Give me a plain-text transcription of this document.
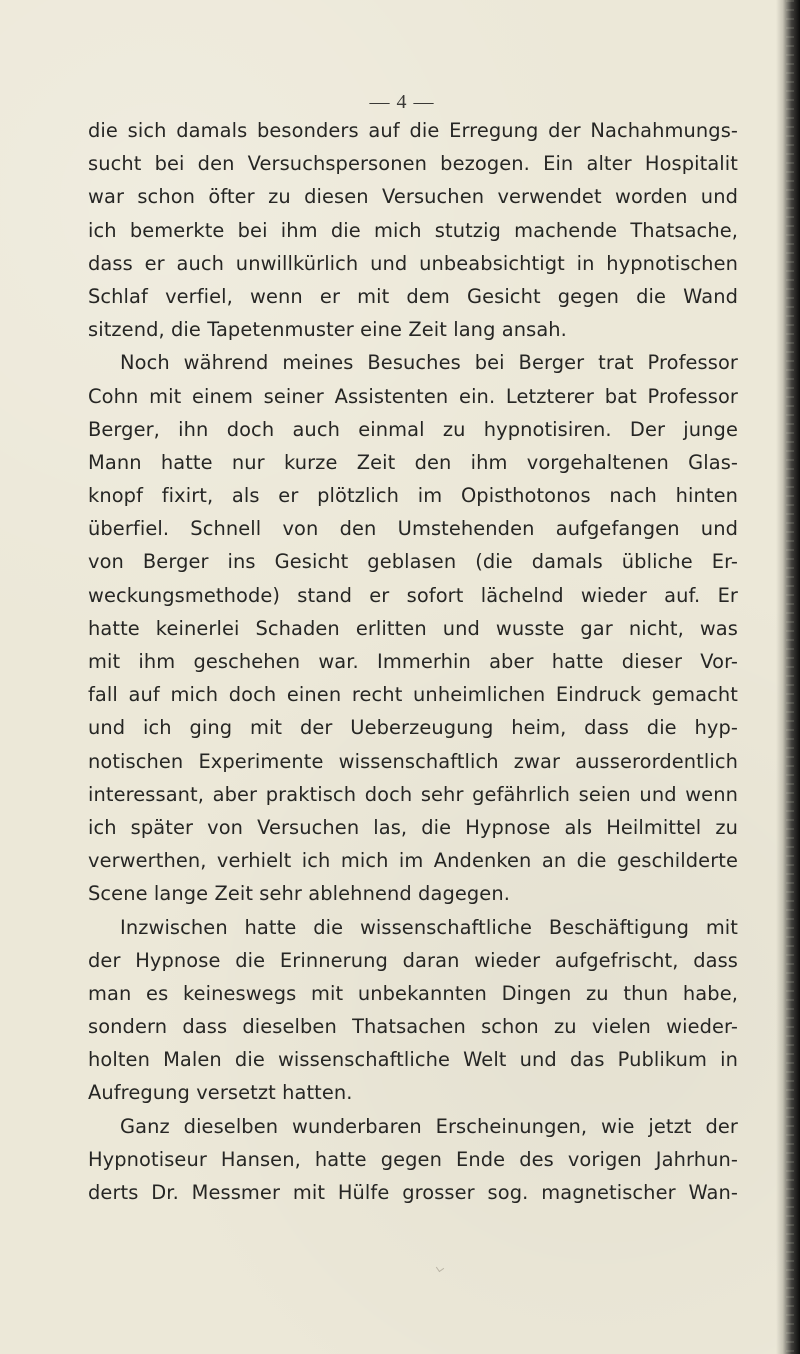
— 4 —
die sich damals besonders auf die Erregung der Nachahmungs-
sucht bei den Versuchspersonen bezogen. Ein alter Hospitalit
war schon öfter zu diesen Versuchen verwendet worden und
ich bemerkte bei ihm die mich stutzig machende Thatsache,
dass er auch unwillkürlich und unbeabsichtigt in hypnotischen
Schlaf verfiel, wenn er mit dem Gesicht gegen die Wand
sitzend, die Tapetenmuster eine Zeit lang ansah.
Noch während meines Besuches bei Berger trat Professor
Cohn mit einem seiner Assistenten ein. Letzterer bat Professor
Berger, ihn doch auch einmal zu hypnotisiren. Der junge
Mann hatte nur kurze Zeit den ihm vorgehaltenen Glas-
knopf fixirt, als er plötzlich im Opisthotonos nach hinten
überfiel. Schnell von den Umstehenden aufgefangen und
von Berger ins Gesicht geblasen (die damals übliche Er-
weckungsmethode) stand er sofort lächelnd wieder auf. Er
hatte keinerlei Schaden erlitten und wusste gar nicht, was
mit ihm geschehen war. Immerhin aber hatte dieser Vor-
fall auf mich doch einen recht unheimlichen Eindruck gemacht
und ich ging mit der Ueberzeugung heim, dass die hyp-
notischen Experimente wissenschaftlich zwar ausserordentlich
interessant, aber praktisch doch sehr gefährlich seien und wenn
ich später von Versuchen las, die Hypnose als Heilmittel zu
verwerthen, verhielt ich mich im Andenken an die geschilderte
Scene lange Zeit sehr ablehnend dagegen.
Inzwischen hatte die wissenschaftliche Beschäftigung mit
der Hypnose die Erinnerung daran wieder aufgefrischt, dass
man es keineswegs mit unbekannten Dingen zu thun habe,
sondern dass dieselben Thatsachen schon zu vielen wieder-
holten Malen die wissenschaftliche Welt und das Publikum in
Aufregung versetzt hatten.
Ganz dieselben wunderbaren Erscheinungen, wie jetzt der
Hypnotiseur Hansen, hatte gegen Ende des vorigen Jahrhun-
derts Dr. Messmer mit Hülfe grosser sog. magnetischer Wan-
